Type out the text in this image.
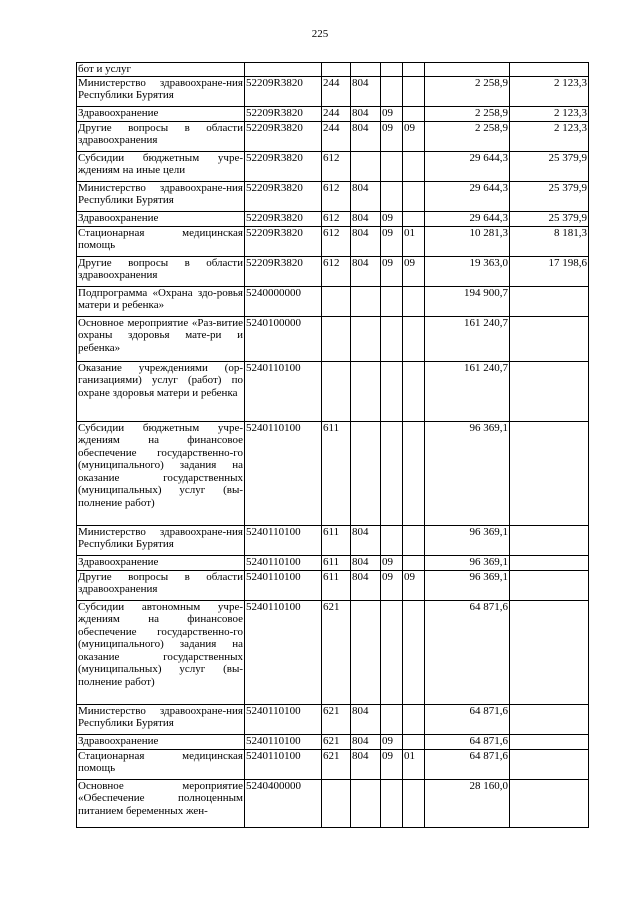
225
бот и услуг							
Министерство здравоохране-ния Республики Бурятия	52209R3820	244	804			2 258,9	2 123,3
Здравоохранение	52209R3820	244	804	09		2 258,9	2 123,3
Другие вопросы в области здравоохранения	52209R3820	244	804	09	09	2 258,9	2 123,3
Субсидии бюджетным учре-ждениям на иные цели	52209R3820	612				29 644,3	25 379,9
Министерство здравоохране-ния Республики Бурятия	52209R3820	612	804			29 644,3	25 379,9
Здравоохранение	52209R3820	612	804	09		29 644,3	25 379,9
Стационарная медицинская помощь	52209R3820	612	804	09	01	10 281,3	8 181,3
Другие вопросы в области здравоохранения	52209R3820	612	804	09	09	19 363,0	17 198,6
Подпрограмма «Охрана здо-ровья матери и ребенка»	5240000000					194 900,7	
Основное мероприятие «Раз-витие охраны здоровья мате-ри и ребенка»	5240100000					161 240,7	
Оказание учреждениями (ор-ганизациями) услуг (работ) по охране здоровья матери и ребенка	5240110100					161 240,7	
Субсидии бюджетным учре-ждениям на финансовое обеспечение государственно-го (муниципального) задания на оказание государственных (муниципальных) услуг (вы-полнение работ)	5240110100	611				96 369,1	
Министерство здравоохране-ния Республики Бурятия	5240110100	611	804			96 369,1	
Здравоохранение	5240110100	611	804	09		96 369,1	
Другие вопросы в области здравоохранения	5240110100	611	804	09	09	96 369,1	
Субсидии автономным учре-ждениям на финансовое обеспечение государственно-го (муниципального) задания на оказание государственных (муниципальных) услуг (вы-полнение работ)	5240110100	621				64 871,6	
Министерство здравоохране-ния Республики Бурятия	5240110100	621	804			64 871,6	
Здравоохранение	5240110100	621	804	09		64 871,6	
Стационарная медицинская помощь	5240110100	621	804	09	01	64 871,6	
Основное мероприятие «Обеспечение полноценным питанием беременных жен-	5240400000					28 160,0	
